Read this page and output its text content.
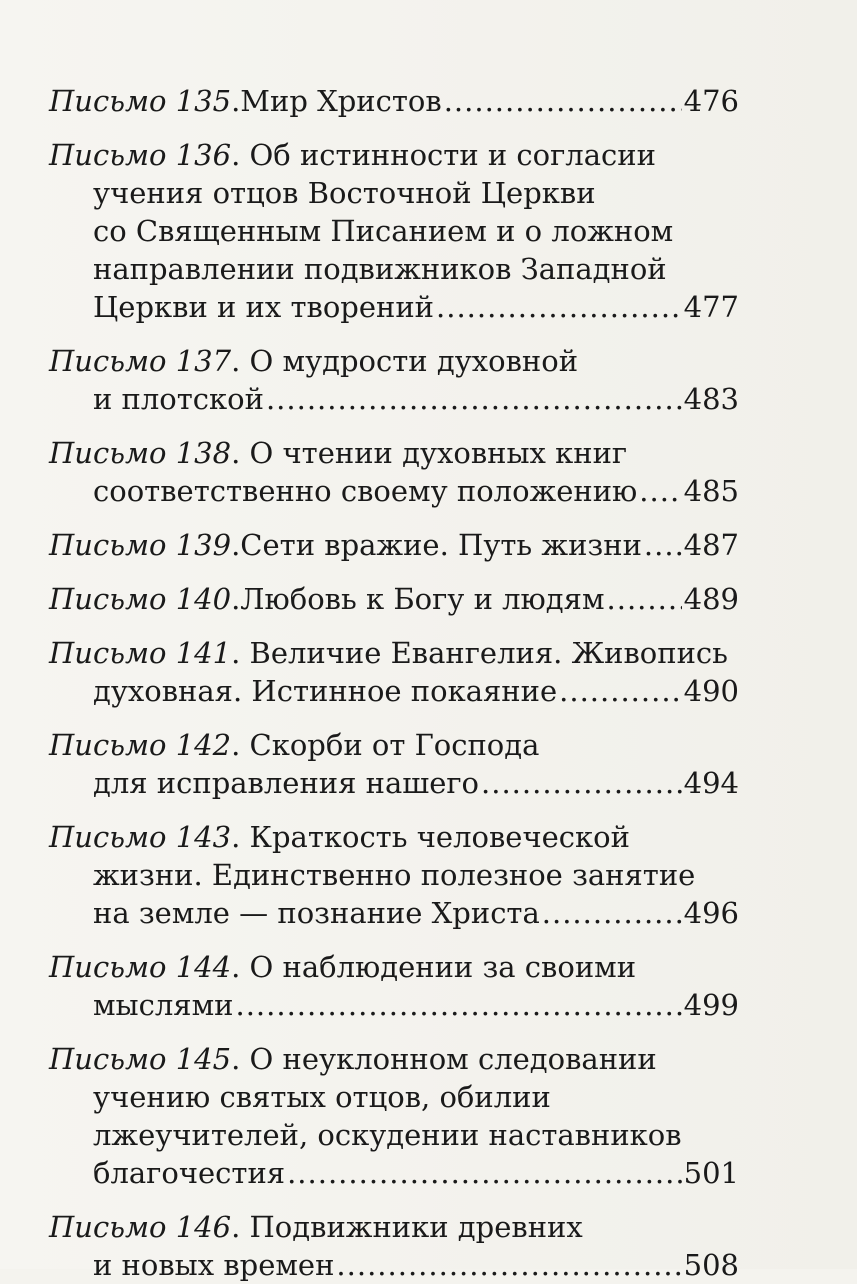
Письмо 135 . Мир Христов .....	476
Письмо 136. Об истинности и согласии
учения отцов Восточной Церкви
со Священным Писанием и о ложном
направлении подвижников Западной
Церкви и их творений .....	477
Письмо 137. О мудрости духовной
и плотской .....	483
Письмо 138. О чтении духовных книг
соответственно своему положению ..... 485
Письмо 139 . Сети вражие. Путь жизни ..... 487
Письмо 140 . Любовь к Богу и людям .....	489
Письмо 141. Величие Евангелия. Живопись
духовная. Истинное покаяние .....	490
Письмо 142. Скорби от Господа
для исправления нашего .....	494
Письмо 143. Краткость человеческой
жизни. Единственно полезное занятие
на земле — познание Христа .....	496
Письмо 144. О наблюдении за своими
мыслями .....	499
Письмо 145. О неуклонном следовании
учению святых отцов, обилии
лжеучителей, оскудении наставников
благочестия .....	501
Письмо 146. Подвижники древних
и новых времен .....	508
